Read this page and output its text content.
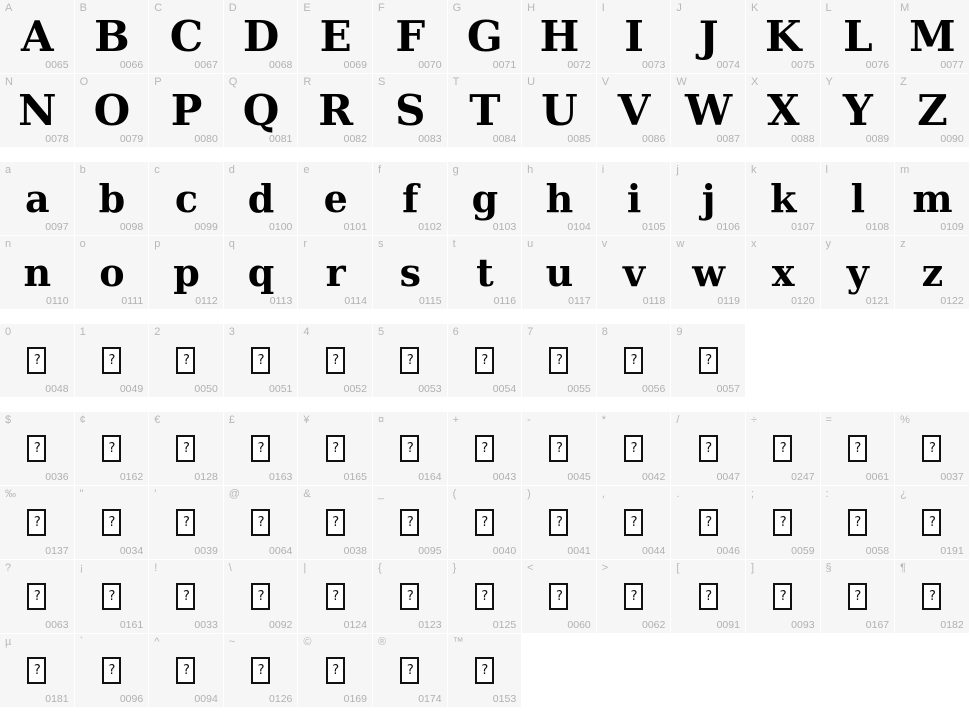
A
A
0065
B
B
0066
C
C
0067
D
D
0068
E
E
0069
F
F
0070
G
G
0071
H
H
0072
I
I
0073
J
J
0074
K
K
0075
L
L
0076
M
M
0077
N
N
0078
O
O
0079
P
P
0080
Q
Q
0081
R
R
0082
S
S
0083
T
T
0084
U
U
0085
V
V
0086
W
W
0087
X
X
0088
Y
Y
0089
Z
Z
0090
a
a
0097
b
b
0098
c
c
0099
d
d
0100
e
e
0101
f
f
0102
g
g
0103
h
h
0104
i
i
0105
j
j
0106
k
k
0107
l
l
0108
m
m
0109
n
n
0110
o
o
0111
p
p
0112
q
q
0113
r
r
0114
s
s
0115
t
t
0116
u
u
0117
v
v
0118
w
w
0119
x
x
0120
y
y
0121
z
z
0122
0
?
0048
1
?
0049
2
?
0050
3
?
0051
4
?
0052
5
?
0053
6
?
0054
7
?
0055
8
?
0056
9
?
0057
$
?
0036
¢
?
0162
€
?
0128
£
?
0163
¥
?
0165
¤
?
0164
+
?
0043
-
?
0045
*
?
0042
/
?
0047
÷
?
0247
=
?
0061
%
?
0037
‰
?
0137
"
?
0034
'
?
0039
@
?
0064
&
?
0038
_
?
0095
(
?
0040
)
?
0041
,
?
0044
.
?
0046
;
?
0059
:
?
0058
¿
?
0191
?
?
0063
¡
?
0161
!
?
0033
\
?
0092
|
?
0124
{
?
0123
}
?
0125
<
?
0060
>
?
0062
[
?
0091
]
?
0093
§
?
0167
¶
?
0182
µ
?
0181
`
?
0096
^
?
0094
~
?
0126
©
?
0169
®
?
0174
™
?
0153
